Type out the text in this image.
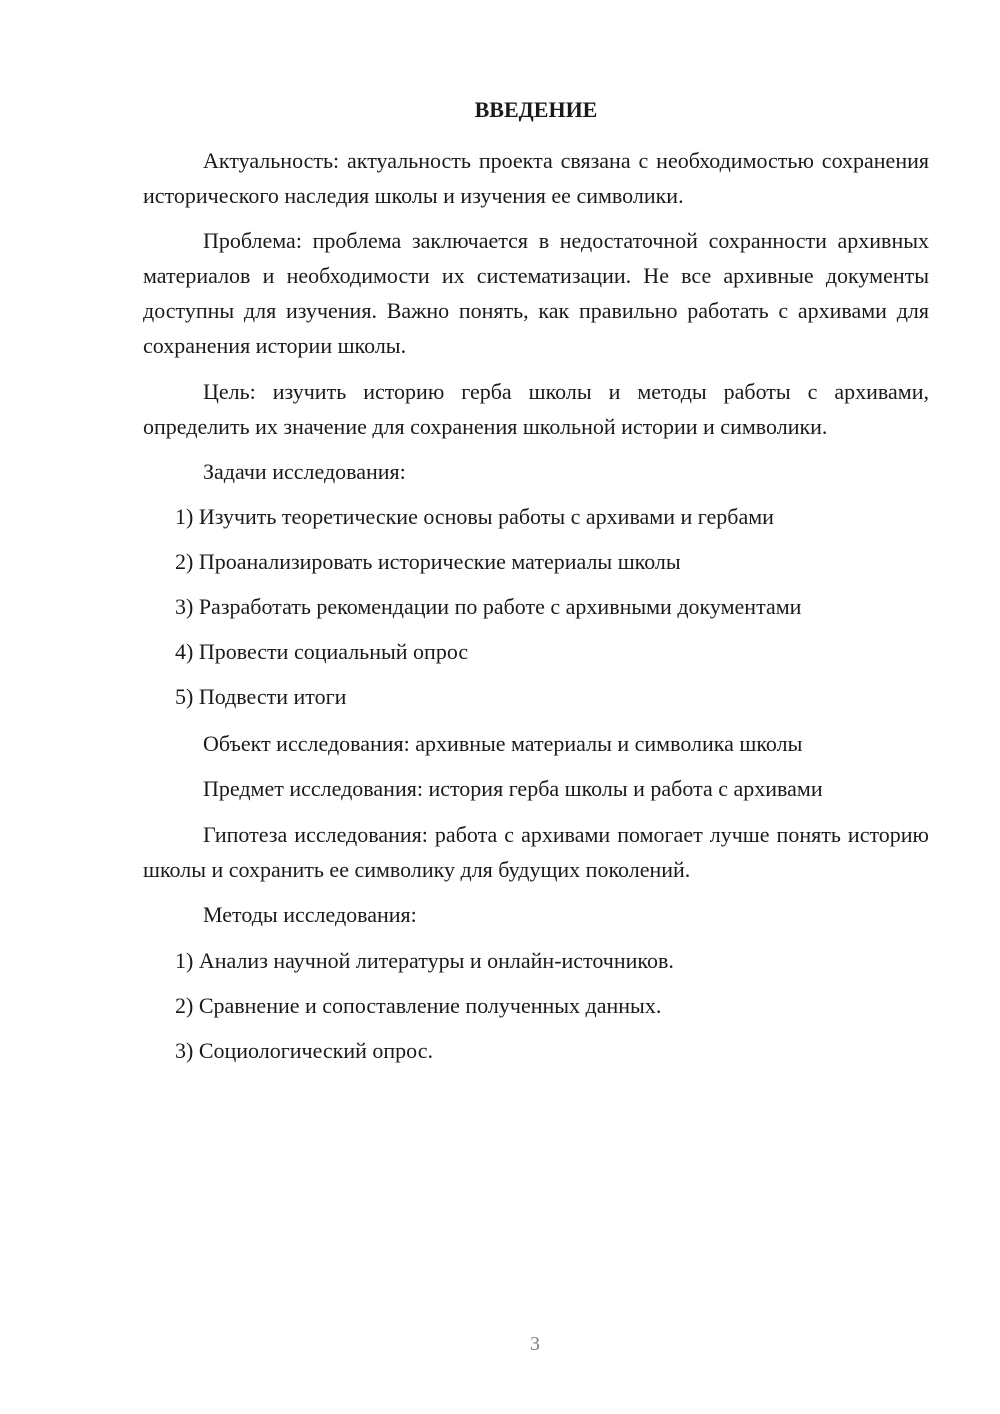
ВВЕДЕНИЕ

Актуальность: актуальность проекта связана с необходимостью сохранения исторического наследия школы и изучения ее символики.

Проблема: проблема заключается в недостаточной сохранности архивных материалов и необходимости их систематизации. Не все архивные документы доступны для изучения. Важно понять, как правильно работать с архивами для сохранения истории школы.

Цель: изучить историю герба школы и методы работы с архивами, определить их значение для сохранения школьной истории и символики.

Задачи исследования:

1) Изучить теоретические основы работы с архивами и гербами

2) Проанализировать исторические материалы школы

3) Разработать рекомендации по работе с архивными документами

4) Провести социальный опрос

5) Подвести итоги

Объект исследования: архивные материалы и символика школы

Предмет исследования: история герба школы и работа с архивами

Гипотеза исследования: работа с архивами помогает лучше понять историю школы и сохранить ее символику для будущих поколений.

Методы исследования:

1) Анализ научной литературы и онлайн-источников.

2) Сравнение и сопоставление полученных данных.

3) Социологический опрос.

3
